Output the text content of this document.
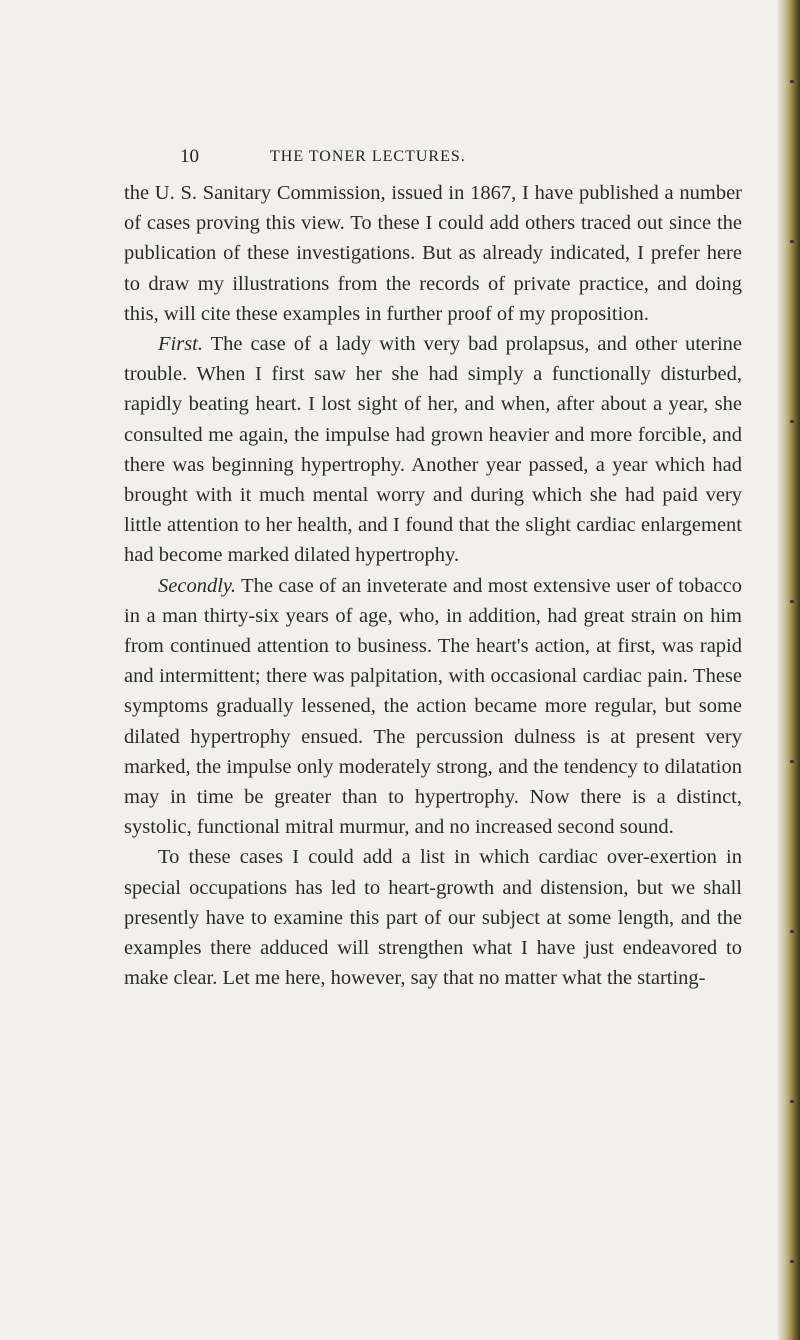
10	THE TONER LECTURES.

the U. S. Sanitary Commission, issued in 1867, I have published a number of cases proving this view. To these I could add others traced out since the publication of these investigations. But as already indicated, I prefer here to draw my illustrations from the records of private practice, and doing this, will cite these examples in further proof of my proposition.

First. The case of a lady with very bad prolapsus, and other uterine trouble. When I first saw her she had simply a functionally disturbed, rapidly beating heart. I lost sight of her, and when, after about a year, she consulted me again, the impulse had grown heavier and more forcible, and there was beginning hypertrophy. Another year passed, a year which had brought with it much mental worry and during which she had paid very little attention to her health, and I found that the slight cardiac enlargement had become marked dilated hypertrophy.

Secondly. The case of an inveterate and most extensive user of tobacco in a man thirty-six years of age, who, in addition, had great strain on him from continued attention to business. The heart's action, at first, was rapid and intermittent; there was palpitation, with occasional cardiac pain. These symptoms gradually lessened, the action became more regular, but some dilated hypertrophy ensued. The percussion dulness is at present very marked, the impulse only moderately strong, and the tendency to dilatation may in time be greater than to hypertrophy. Now there is a distinct, systolic, functional mitral murmur, and no increased second sound.

To these cases I could add a list in which cardiac over-exertion in special occupations has led to heart-growth and distension, but we shall presently have to examine this part of our subject at some length, and the examples there adduced will strengthen what I have just endeavored to make clear. Let me here, however, say that no matter what the starting-
